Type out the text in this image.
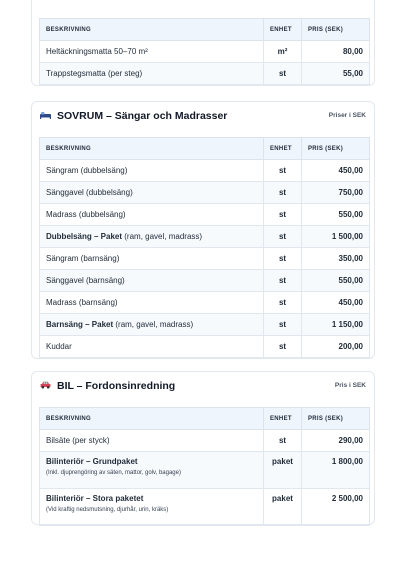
BESKRIVNING	ENHET	PRIS (SEK)
Heltäckningsmatta 50–70 m²	m²	80,00
Trappstegsmatta (per steg)	st	55,00
SOVRUM – Sängar och Madrasser	Priser i SEK
BESKRIVNING	ENHET	PRIS (SEK)
Sängram (dubbelsäng)	st	450,00
Sänggavel (dubbelsäng)	st	750,00
Madrass (dubbelsäng)	st	550,00
Dubbelsäng – Paket (ram, gavel, madrass)	st	1 500,00
Sängram (barnsäng)	st	350,00
Sänggavel (barnsäng)	st	550,00
Madrass (barnsäng)	st	450,00
Barnsäng – Paket (ram, gavel, madrass)	st	1 150,00
Kuddar	st	200,00
BIL – Fordonsinredning	Pris i SEK
BESKRIVNING	ENHET	PRIS (SEK)
Bilsäte (per styck)	st	290,00
Bilinteriör – Grundpaket
(Inkl. djuprengöring av säten, mattor, golv, bagage)	paket	1 800,00
Bilinteriör – Stora paketet
(Vid kraftig nedsmutsning, djurhår, urin, kräks)	paket	2 500,00
